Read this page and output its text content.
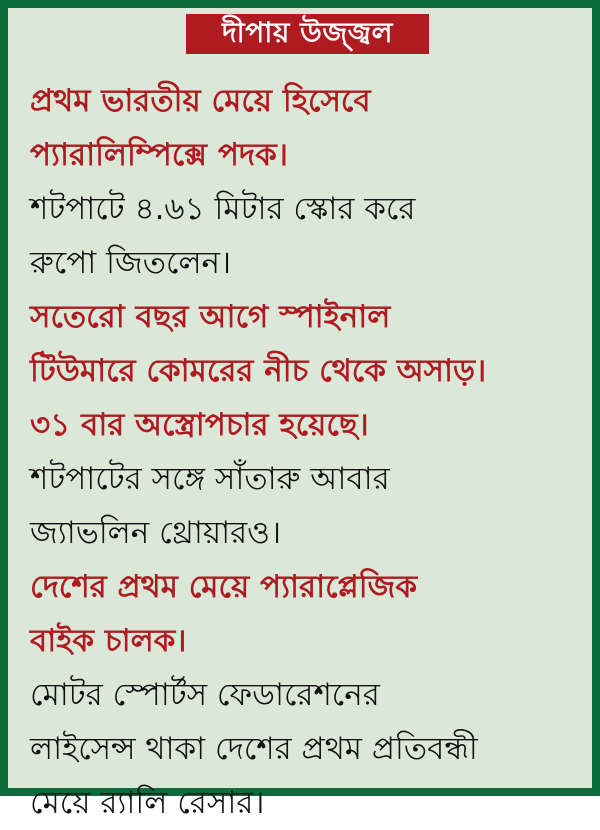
দীপায় উজ্জ্বল
প্রথম ভারতীয় মেয়ে হিসেবে
প্যারালিম্পিক্সে পদক।
শটপাটে ৪.৬১ মিটার স্কোর করে
রুপো জিতলেন।
সতেরো বছর আগে স্পাইনাল
টিউমারে কোমরের নীচ থেকে অসাড়।
৩১ বার অস্ত্রোপচার হয়েছে।
শটপাটের সঙ্গে সাঁতারু আবার
জ্যাভলিন থ্রোয়ারও।
দেশের প্রথম মেয়ে প্যারাপ্লেজিক
বাইক চালক।
মোটর স্পোর্টস ফেডারেশনের
লাইসেন্স থাকা দেশের প্রথম প্রতিবন্ধী
মেয়ে র‍্যালি রেসার।
